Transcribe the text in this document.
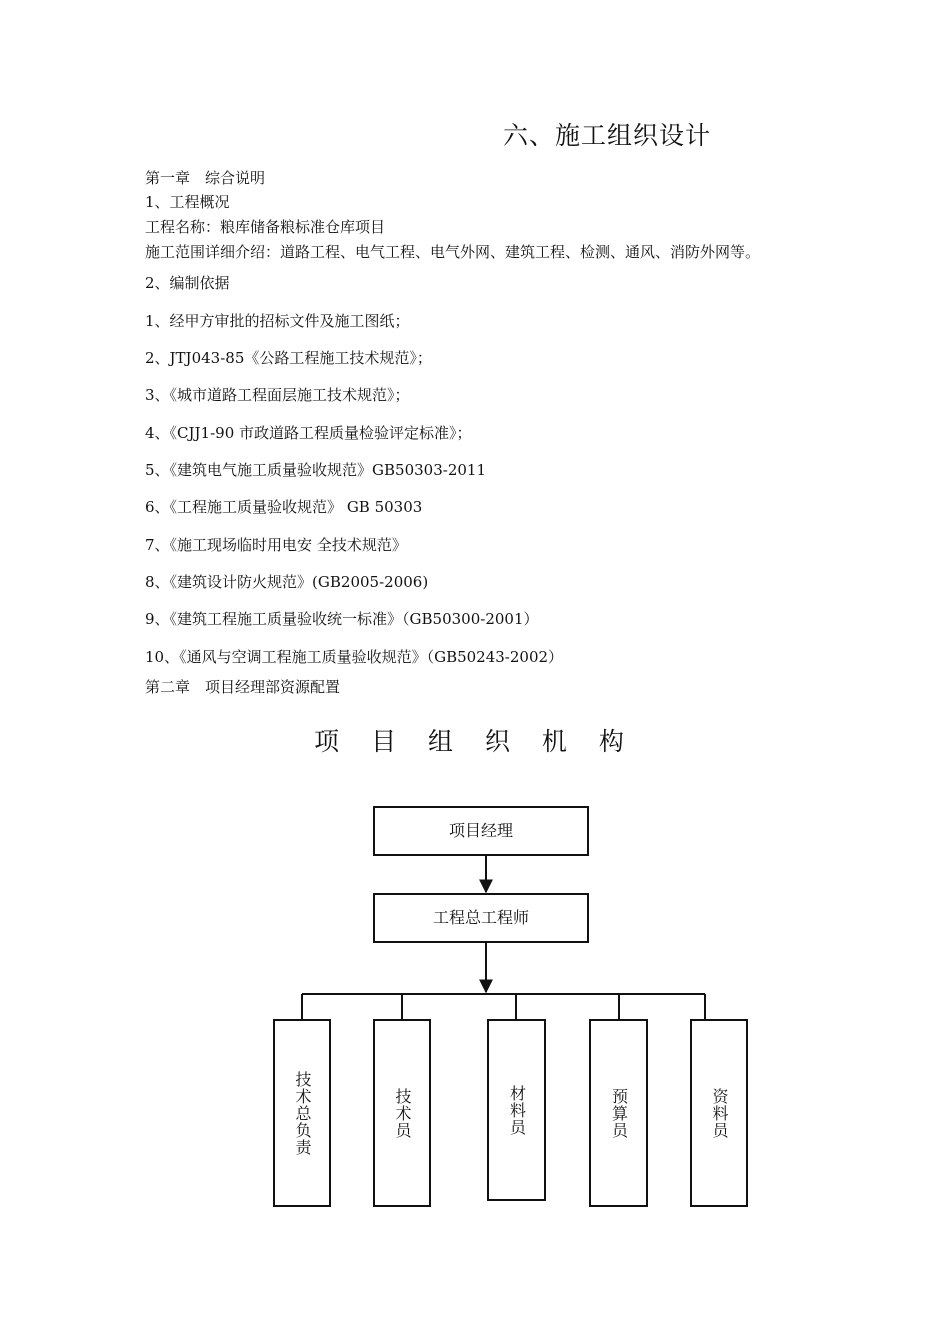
六、施工组织设计
第一章　综合说明
1、工程概况
工程名称：粮库储备粮标准仓库项目
施工范围详细介绍：道路工程、电气工程、电气外网、建筑工程、检测、通风、消防外网等。
2、编制依据
1、经甲方审批的招标文件及施工图纸；
2、JTJ043-85《公路工程施工技术规范》；
3、《城市道路工程面层施工技术规范》；
4、《CJJ1-90 市政道路工程质量检验评定标准》；
5、《建筑电气施工质量验收规范》GB50303-2011
6、《工程施工质量验收规范》 GB 50303
7、《施工现场临时用电安 全技术规范》
8、《建筑设计防火规范》(GB2005-2006)
9、《建筑工程施工质量验收统一标准》（GB50300-2001）
10、《通风与空调工程施工质量验收规范》（GB50243-2002）
第二章　项目经理部资源配置
项 目 组 织 机 构
项目经理
工程总工程师
技术总负责	技术员	材料员	预算员	资料员
